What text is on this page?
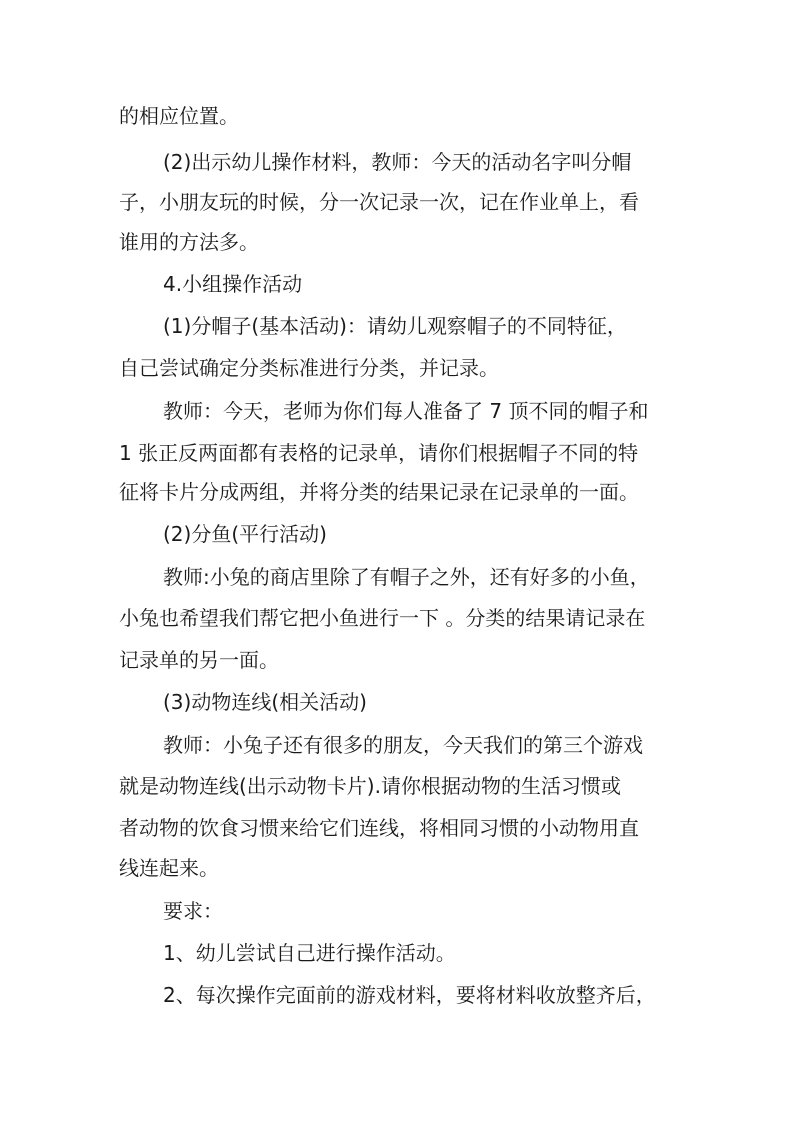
的相应位置。
(2)出示幼儿操作材料，教师：今天的活动名字叫分帽
子，小朋友玩的时候，分一次记录一次，记在作业单上，看
谁用的方法多。
4.小组操作活动
(1)分帽子(基本活动)：请幼儿观察帽子的不同特征，
自己尝试确定分类标准进行分类，并记录。
教师：今天，老师为你们每人准备了 7 顶不同的帽子和
1 张正反两面都有表格的记录单，请你们根据帽子不同的特
征将卡片分成两组，并将分类的结果记录在记录单的一面。
(2)分鱼(平行活动)
教师:小兔的商店里除了有帽子之外，还有好多的小鱼，
小兔也希望我们帮它把小鱼进行一下 。分类的结果请记录在
记录单的另一面。
(3)动物连线(相关活动)
教师：小兔子还有很多的朋友，今天我们的第三个游戏
就是动物连线(出示动物卡片).请你根据动物的生活习惯或
者动物的饮食习惯来给它们连线，将相同习惯的小动物用直
线连起来。
要求：
1、幼儿尝试自己进行操作活动。
2、每次操作完面前的游戏材料，要将材料收放整齐后，
